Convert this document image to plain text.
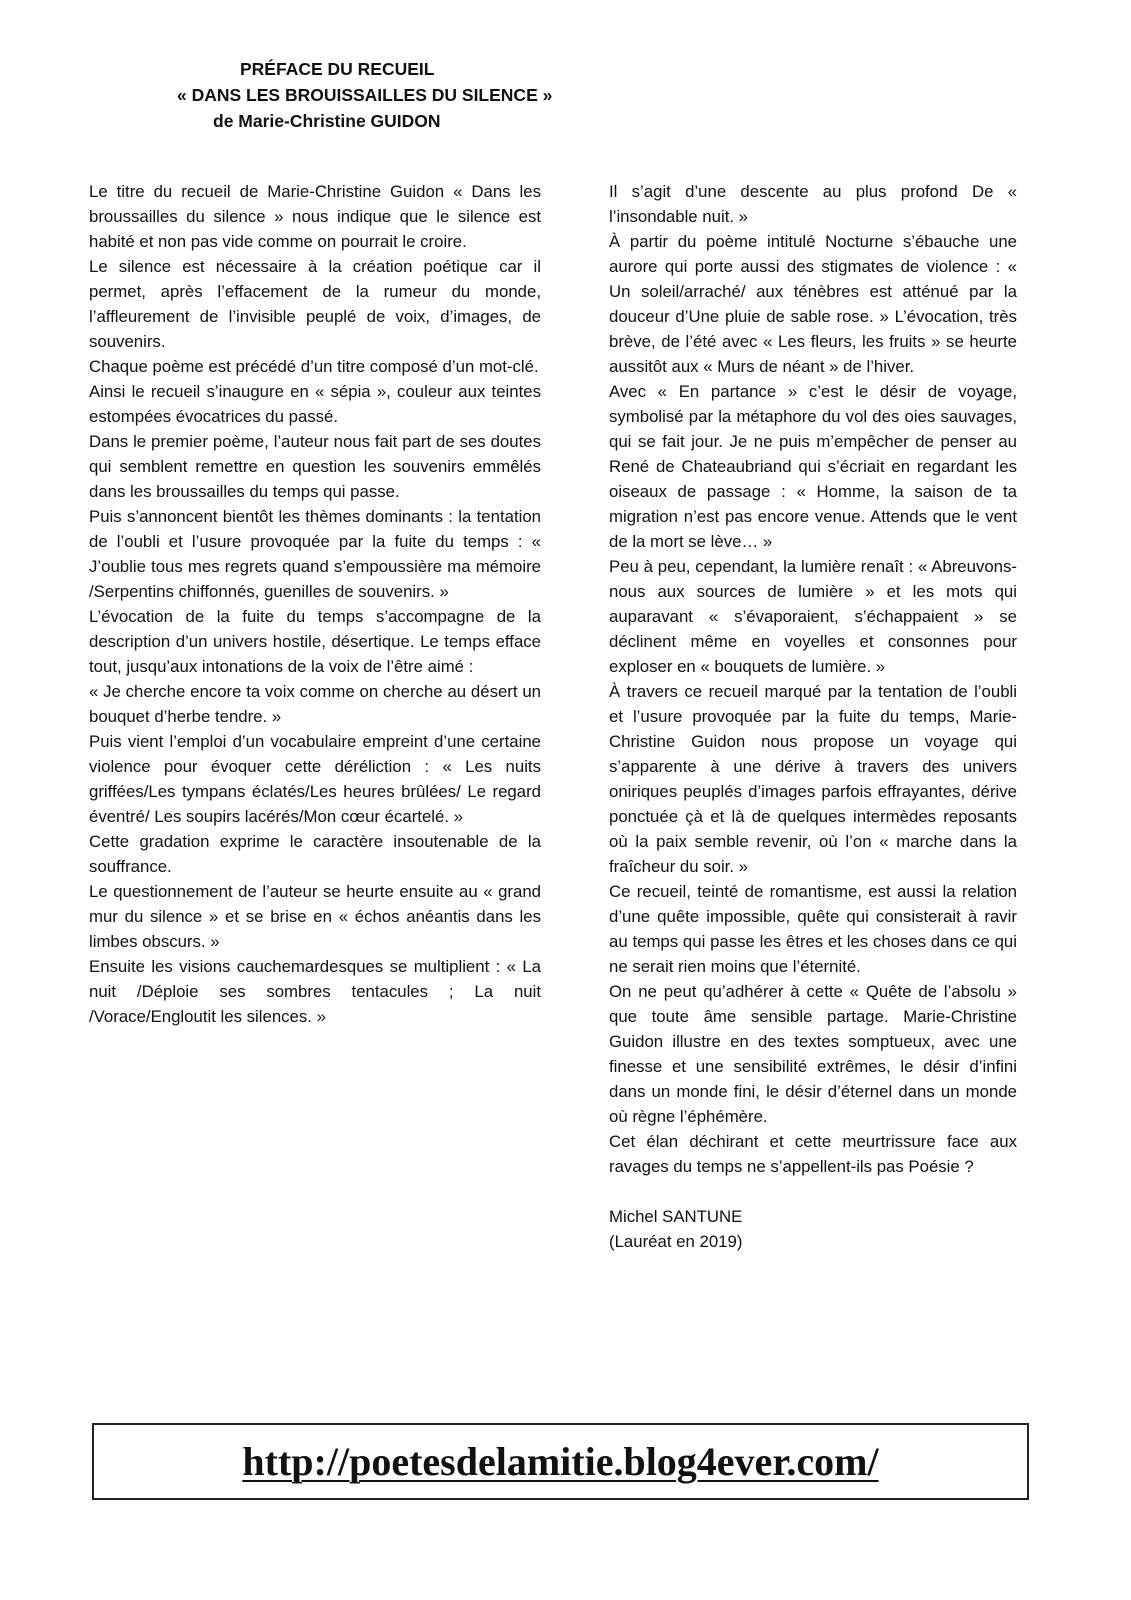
PRÉFACE DU RECUEIL
« DANS LES BROUISSAILLES DU SILENCE »
de Marie-Christine GUIDON

Le titre du recueil de Marie-Christine Guidon « Dans les broussailles du silence » nous indique que le silence est habité et non pas vide comme on pourrait le croire.

Le silence est nécessaire à la création poétique car il permet, après l’effacement de la rumeur du monde, l’affleurement de l’invisible peuplé de voix, d’images, de souvenirs.

Chaque poème est précédé d’un titre composé d’un mot-clé.

Ainsi le recueil s’inaugure en « sépia », couleur aux teintes estompées évocatrices du passé.

Dans le premier poème, l’auteur nous fait part de ses doutes qui semblent remettre en question les souvenirs emmêlés dans les broussailles du temps qui passe.

Puis s’annoncent bientôt les thèmes dominants : la tentation de l’oubli et l’usure provoquée par la fuite du temps : « J’oublie tous mes regrets quand s’empoussière ma mémoire /Serpentins chiffonnés, guenilles de souvenirs. »

L’évocation de la fuite du temps s’accompagne de la description d’un univers hostile, désertique. Le temps efface tout, jusqu’aux intonations de la voix de l’être aimé :

« Je cherche encore ta voix comme on cherche au désert un bouquet d’herbe tendre. »

Puis vient l’emploi d’un vocabulaire empreint d’une certaine violence pour évoquer cette déréliction : « Les nuits griffées/Les tympans éclatés/Les heures brûlées/ Le regard éventré/ Les soupirs lacérés/Mon cœur écartelé. »

Cette gradation exprime le caractère insoutenable de la souffrance.

Le questionnement de l’auteur se heurte ensuite au « grand mur du silence » et se brise en « échos anéantis dans les limbes obscurs. »

Ensuite les visions cauchemardesques se multiplient : « La nuit /Déploie ses sombres tentacules ; La nuit /Vorace/Engloutit les silences. »

Il s’agit d’une descente au plus profond De « l’insondable nuit. »

À partir du poème intitulé Nocturne s’ébauche une aurore qui porte aussi des stigmates de violence : « Un soleil/arraché/ aux ténèbres est atténué par la douceur d’Une pluie de sable rose. » L’évocation, très brève, de l’été avec « Les fleurs, les fruits » se heurte aussitôt aux « Murs de néant » de l’hiver.

Avec « En partance » c’est le désir de voyage, symbolisé par la métaphore du vol des oies sauvages, qui se fait jour. Je ne puis m’empêcher de penser au René de Chateaubriand qui s’écriait en regardant les oiseaux de passage : « Homme, la saison de ta migration n’est pas encore venue. Attends que le vent de la mort se lève… »

Peu à peu, cependant, la lumière renaît : « Abreuvons-nous aux sources de lumière » et les mots qui auparavant « s’évaporaient, s’échappaient » se déclinent même en voyelles et consonnes pour exploser en « bouquets de lumière. »

À travers ce recueil marqué par la tentation de l’oubli et l’usure provoquée par la fuite du temps, Marie-Christine Guidon nous propose un voyage qui s’apparente à une dérive à travers des univers oniriques peuplés d’images parfois effrayantes, dérive ponctuée çà et là de quelques intermèdes reposants où la paix semble revenir, où l’on « marche dans la fraîcheur du soir. »

Ce recueil, teinté de romantisme, est aussi la relation d’une quête impossible, quête qui consisterait à ravir au temps qui passe les êtres et les choses dans ce qui ne serait rien moins que l’éternité.

On ne peut qu’adhérer à cette « Quête de l’absolu » que toute âme sensible partage. Marie-Christine Guidon illustre en des textes somptueux, avec une finesse et une sensibilité extrêmes, le désir d’infini dans un monde fini, le désir d’éternel dans un monde où règne l’éphémère.

Cet élan déchirant et cette meurtrissure face aux ravages du temps ne s’appellent-ils pas Poésie ?

Michel SANTUNE

(Lauréat en 2019)

http://poetesdelamitie.blog4ever.com/
